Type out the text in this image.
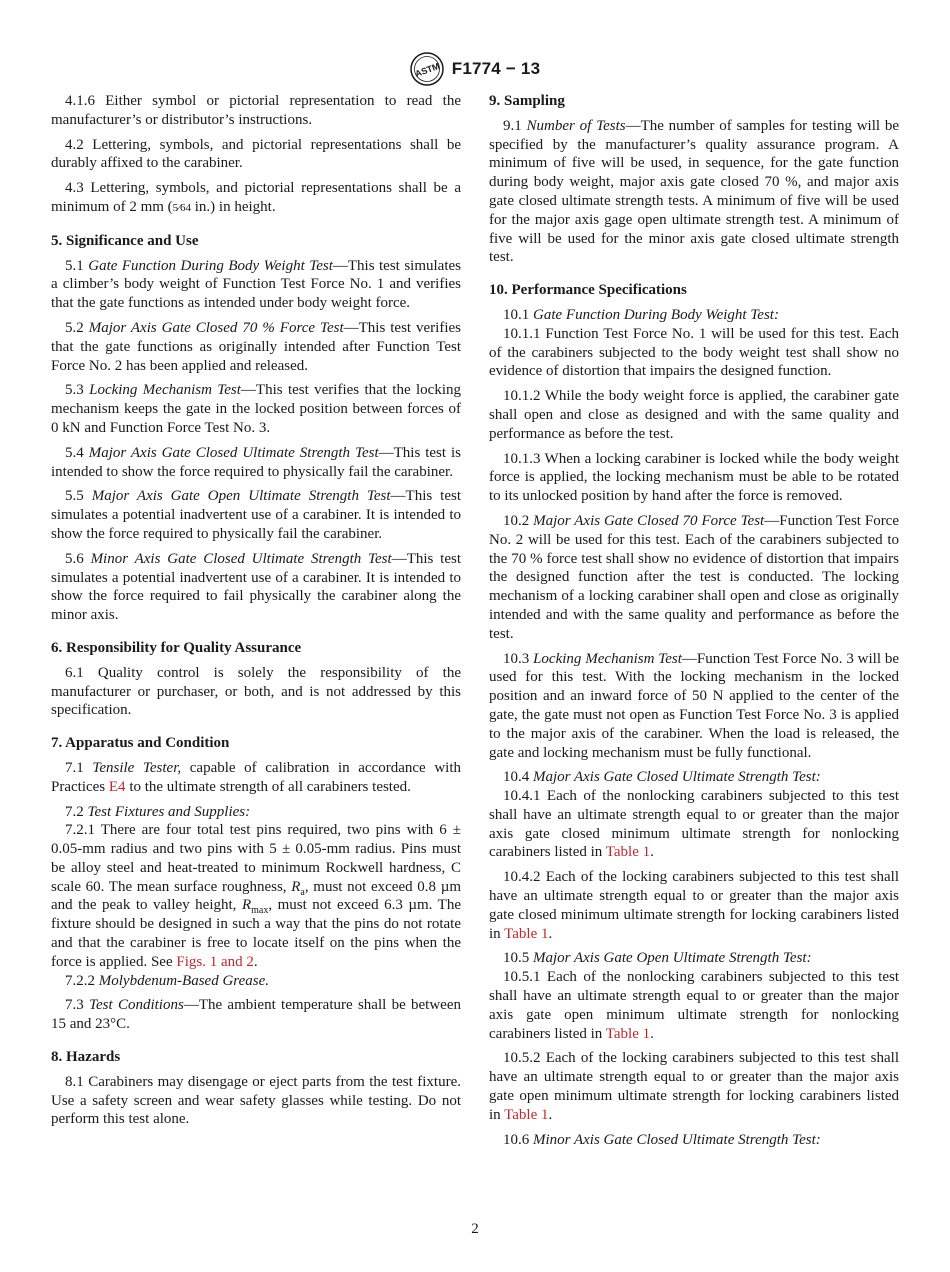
ASTM F1774 − 13

4.1.6 Either symbol or pictorial representation to read the manufacturer’s or distributor’s instructions.

4.2 Lettering, symbols, and pictorial representations shall be durably affixed to the carabiner.

4.3 Lettering, symbols, and pictorial representations shall be a minimum of 2 mm (5⁄64 in.) in height.

5. Significance and Use

5.1 Gate Function During Body Weight Test—This test simulates a climber’s body weight of Function Test Force No. 1 and verifies that the gate functions as intended under body weight force.

5.2 Major Axis Gate Closed 70 % Force Test—This test verifies that the gate functions as originally intended after Function Test Force No. 2 has been applied and released.

5.3 Locking Mechanism Test—This test verifies that the locking mechanism keeps the gate in the locked position between forces of 0 kN and Function Force Test No. 3.

5.4 Major Axis Gate Closed Ultimate Strength Test—This test is intended to show the force required to physically fail the carabiner.

5.5 Major Axis Gate Open Ultimate Strength Test—This test simulates a potential inadvertent use of a carabiner. It is intended to show the force required to physically fail the carabiner.

5.6 Minor Axis Gate Closed Ultimate Strength Test—This test simulates a potential inadvertent use of a carabiner. It is intended to show the force required to fail physically the carabiner along the minor axis.

6. Responsibility for Quality Assurance

6.1 Quality control is solely the responsibility of the manufacturer or purchaser, or both, and is not addressed by this specification.

7. Apparatus and Condition

7.1 Tensile Tester, capable of calibration in accordance with Practices E4 to the ultimate strength of all carabiners tested.

7.2 Test Fixtures and Supplies:

7.2.1 There are four total test pins required, two pins with 6 ± 0.05-mm radius and two pins with 5 ± 0.05-mm radius. Pins must be alloy steel and heat-treated to minimum Rockwell hardness, C scale 60. The mean surface roughness, $R_a$, must not exceed 0.8 µm and the peak to valley height, $R_{max}$, must not exceed 6.3 µm. The fixture should be designed in such a way that the pins do not rotate and that the carabiner is free to locate itself on the pins when the force is applied. See Figs. 1 and 2.

7.2.2 Molybdenum-Based Grease.

7.3 Test Conditions—The ambient temperature shall be between 15 and 23°C.

8. Hazards

8.1 Carabiners may disengage or eject parts from the test fixture. Use a safety screen and wear safety glasses while testing. Do not perform this test alone.

9. Sampling

9.1 Number of Tests—The number of samples for testing will be specified by the manufacturer’s quality assurance program. A minimum of five will be used, in sequence, for the gate function during body weight, major axis gate closed 70 %, and major axis gate closed ultimate strength tests. A minimum of five will be used for the major axis gage open ultimate strength test. A minimum of five will be used for the minor axis gate closed ultimate strength test.

10. Performance Specifications

10.1 Gate Function During Body Weight Test:

10.1.1 Function Test Force No. 1 will be used for this test. Each of the carabiners subjected to the body weight test shall show no evidence of distortion that impairs the designed function.

10.1.2 While the body weight force is applied, the carabiner gate shall open and close as designed and with the same quality and performance as before the test.

10.1.3 When a locking carabiner is locked while the body weight force is applied, the locking mechanism must be able to be rotated to its unlocked position by hand after the force is removed.

10.2 Major Axis Gate Closed 70 Force Test—Function Test Force No. 2 will be used for this test. Each of the carabiners subjected to the 70 % force test shall show no evidence of distortion that impairs the designed function after the test is conducted. The locking mechanism of a locking carabiner shall open and close as originally intended and with the same quality and performance as before the test.

10.3 Locking Mechanism Test—Function Test Force No. 3 will be used for this test. With the locking mechanism in the locked position and an inward force of 50 N applied to the center of the gate, the gate must not open as Function Test Force No. 3 is applied to the major axis of the carabiner. When the load is released, the gate and locking mechanism must be fully functional.

10.4 Major Axis Gate Closed Ultimate Strength Test:

10.4.1 Each of the nonlocking carabiners subjected to this test shall have an ultimate strength equal to or greater than the major axis gate closed minimum ultimate strength for nonlocking carabiners listed in Table 1.

10.4.2 Each of the locking carabiners subjected to this test shall have an ultimate strength equal to or greater than the major axis gate closed minimum ultimate strength for locking carabiners listed in Table 1.

10.5 Major Axis Gate Open Ultimate Strength Test:

10.5.1 Each of the nonlocking carabiners subjected to this test shall have an ultimate strength equal to or greater than the major axis gate open minimum ultimate strength for nonlocking carabiners listed in Table 1.

10.5.2 Each of the locking carabiners subjected to this test shall have an ultimate strength equal to or greater than the major axis gate open minimum ultimate strength for locking carabiners listed in Table 1.

10.6 Minor Axis Gate Closed Ultimate Strength Test:

2
